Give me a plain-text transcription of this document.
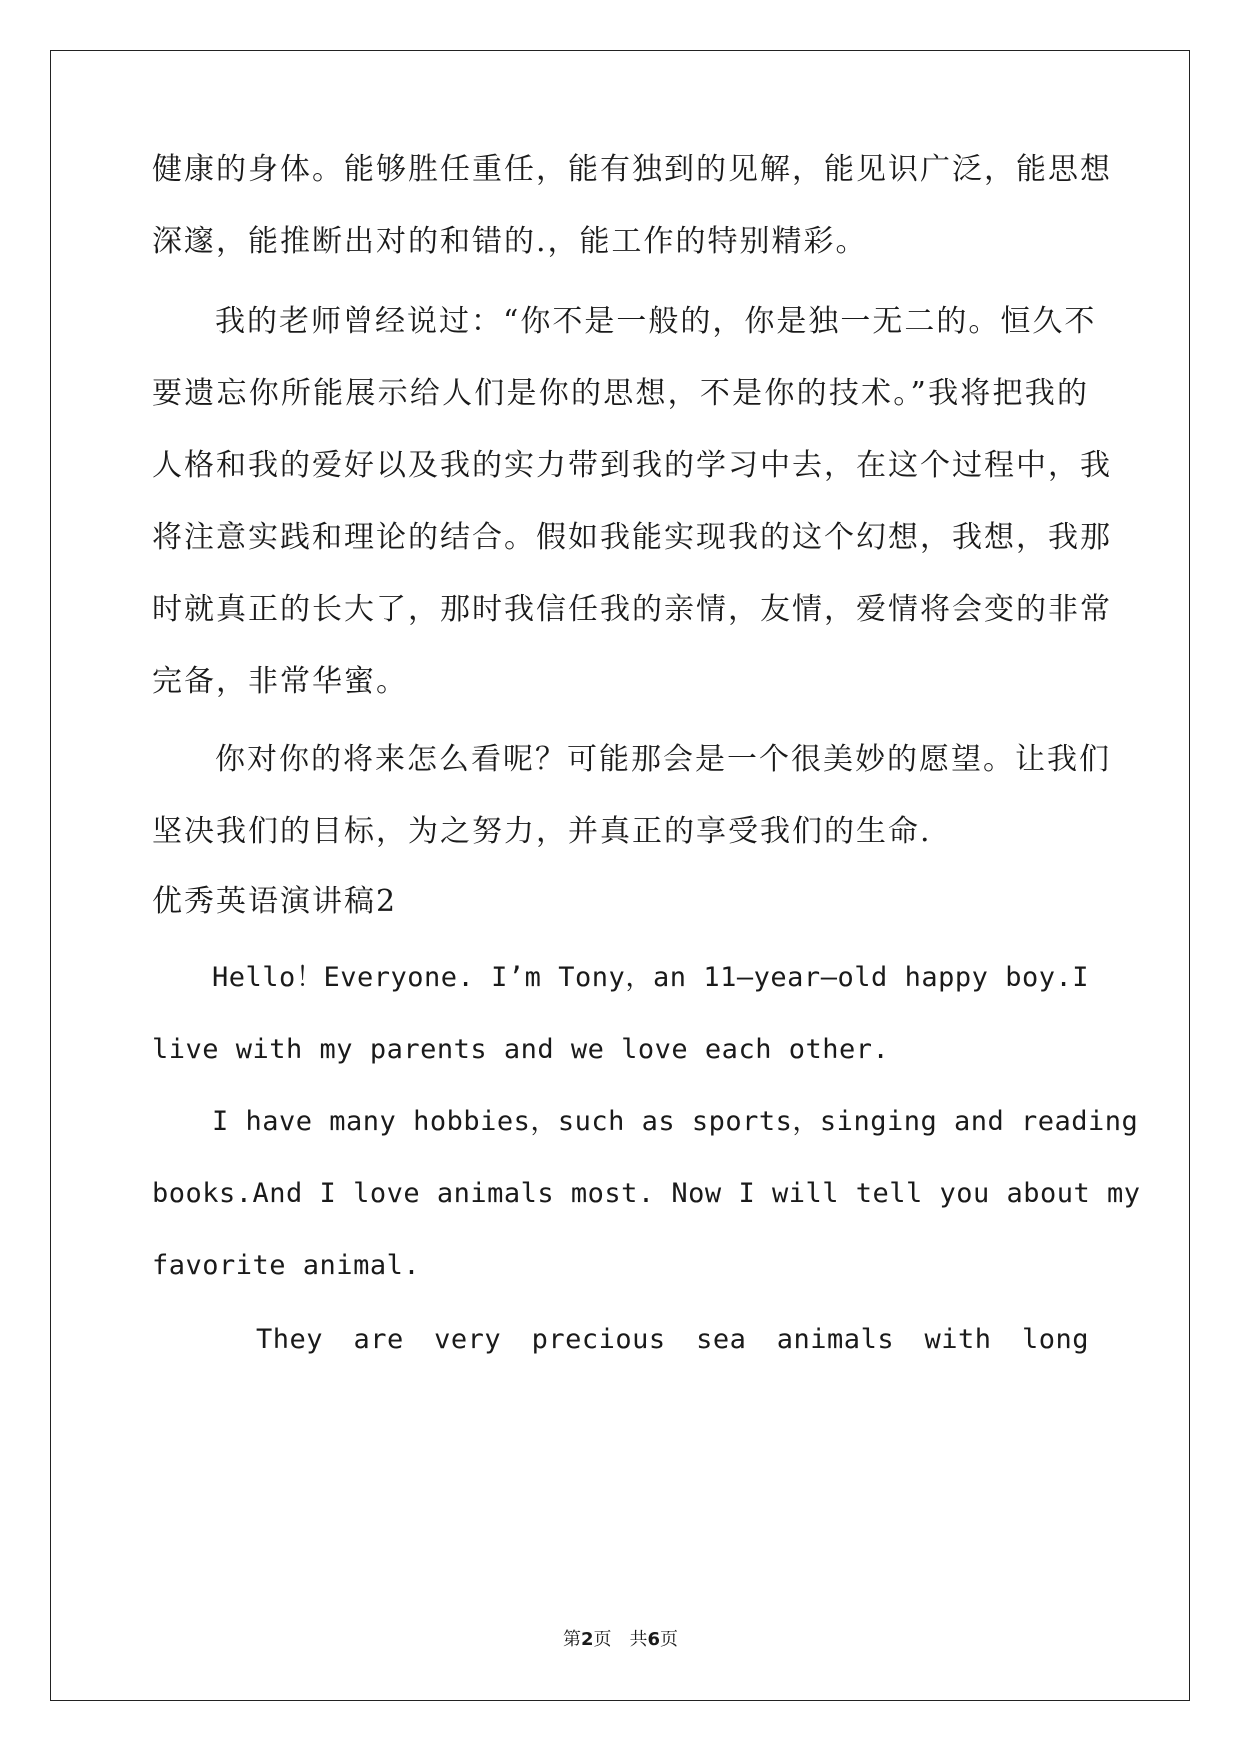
健康的身体。能够胜任重任，能有独到的见解，能见识广泛，能思想
深邃，能推断出对的和错的.，能工作的特别精彩。
我的老师曾经说过：“你不是一般的，你是独一无二的。恒久不
要遗忘你所能展示给人们是你的思想，不是你的技术。”我将把我的
人格和我的爱好以及我的实力带到我的学习中去，在这个过程中，我
将注意实践和理论的结合。假如我能实现我的这个幻想，我想，我那
时就真正的长大了，那时我信任我的亲情，友情，爱情将会变的非常
完备，非常华蜜。
你对你的将来怎么看呢？可能那会是一个很美妙的愿望。让我们
坚决我们的目标，为之努力，并真正的享受我们的生命.
优秀英语演讲稿2
Hello！Everyone. I’m Tony，an 11—year—old happy boy.I
live with my parents and we love each other.
I have many hobbies，such as sports，singing and reading
books.And I love animals most. Now I will tell you about my
favorite animal.
They are very precious sea animals with long
第2页　共6页
